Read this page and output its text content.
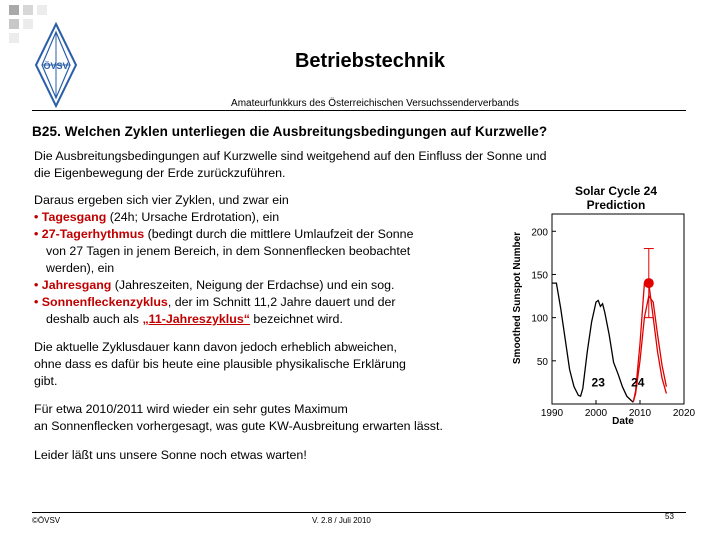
ÖVSV	Betriebstechnik
Amateurfunkkurs des Österreichischen Versuchssenderverbands
B25. Welchen Zyklen unterliegen die Ausbreitungsbedingungen auf Kurzwelle?
Die Ausbreitungsbedingungen auf Kurzwelle sind weitgehend auf den Einfluss der Sonne und
die Eigenbewegung der Erde zurückzuführen.
Daraus ergeben sich vier Zyklen, und zwar ein
• Tagesgang (24h; Ursache Erdrotation), ein
• 27-Tagerhythmus (bedingt durch die mittlere Umlaufzeit der Sonne
von 27 Tagen in jenem Bereich, in dem Sonnenflecken beobachtet
werden), ein
• Jahresgang (Jahreszeiten, Neigung der Erdachse) und ein sog.
• Sonnenfleckenzyklus, der im Schnitt 11,2 Jahre dauert und der
deshalb auch als „11-Jahreszyklus“ bezeichnet wird.
Die aktuelle Zyklusdauer kann davon jedoch erheblich abweichen,
ohne dass es dafür bis heute eine plausible physikalische Erklärung
gibt.
Für etwa 2010/2011 wird wieder ein sehr gutes Maximum
an Sonnenflecken vorhergesagt, was gute KW-Ausbreitung erwarten lässt.
Leider läßt uns unsere Sonne noch etwas warten!
Solar Cycle 24
Prediction
Smoothed Sunspot Number
Date
50
100
150
200
1990 2000 2010 2020
23 24
©ÖVSV	V. 2.8 / Juli 2010	53
